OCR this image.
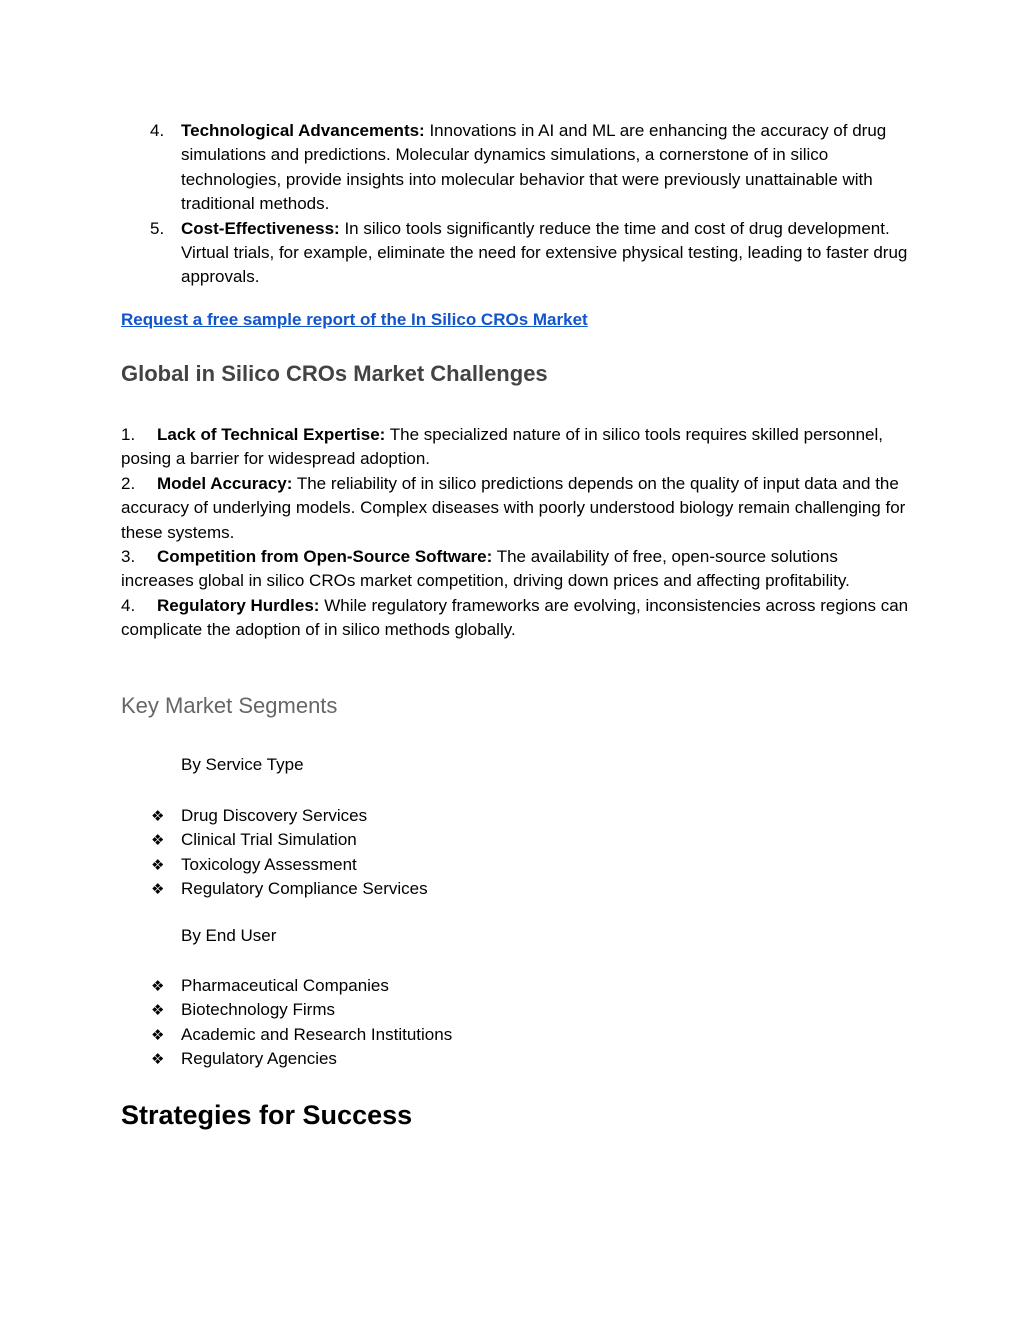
4. Technological Advancements: Innovations in AI and ML are enhancing the accuracy of drug simulations and predictions. Molecular dynamics simulations, a cornerstone of in silico technologies, provide insights into molecular behavior that were previously unattainable with traditional methods.
5. Cost-Effectiveness: In silico tools significantly reduce the time and cost of drug development. Virtual trials, for example, eliminate the need for extensive physical testing, leading to faster drug approvals.
Request a free sample report of the In Silico CROs Market
Global in Silico CROs Market Challenges
1. Lack of Technical Expertise: The specialized nature of in silico tools requires skilled personnel, posing a barrier for widespread adoption.
2. Model Accuracy: The reliability of in silico predictions depends on the quality of input data and the accuracy of underlying models. Complex diseases with poorly understood biology remain challenging for these systems.
3. Competition from Open-Source Software: The availability of free, open-source solutions increases global in silico CROs market competition, driving down prices and affecting profitability.
4. Regulatory Hurdles: While regulatory frameworks are evolving, inconsistencies across regions can complicate the adoption of in silico methods globally.
Key Market Segments
By Service Type
❖ Drug Discovery Services
❖ Clinical Trial Simulation
❖ Toxicology Assessment
❖ Regulatory Compliance Services
By End User
❖ Pharmaceutical Companies
❖ Biotechnology Firms
❖ Academic and Research Institutions
❖ Regulatory Agencies
Strategies for Success
